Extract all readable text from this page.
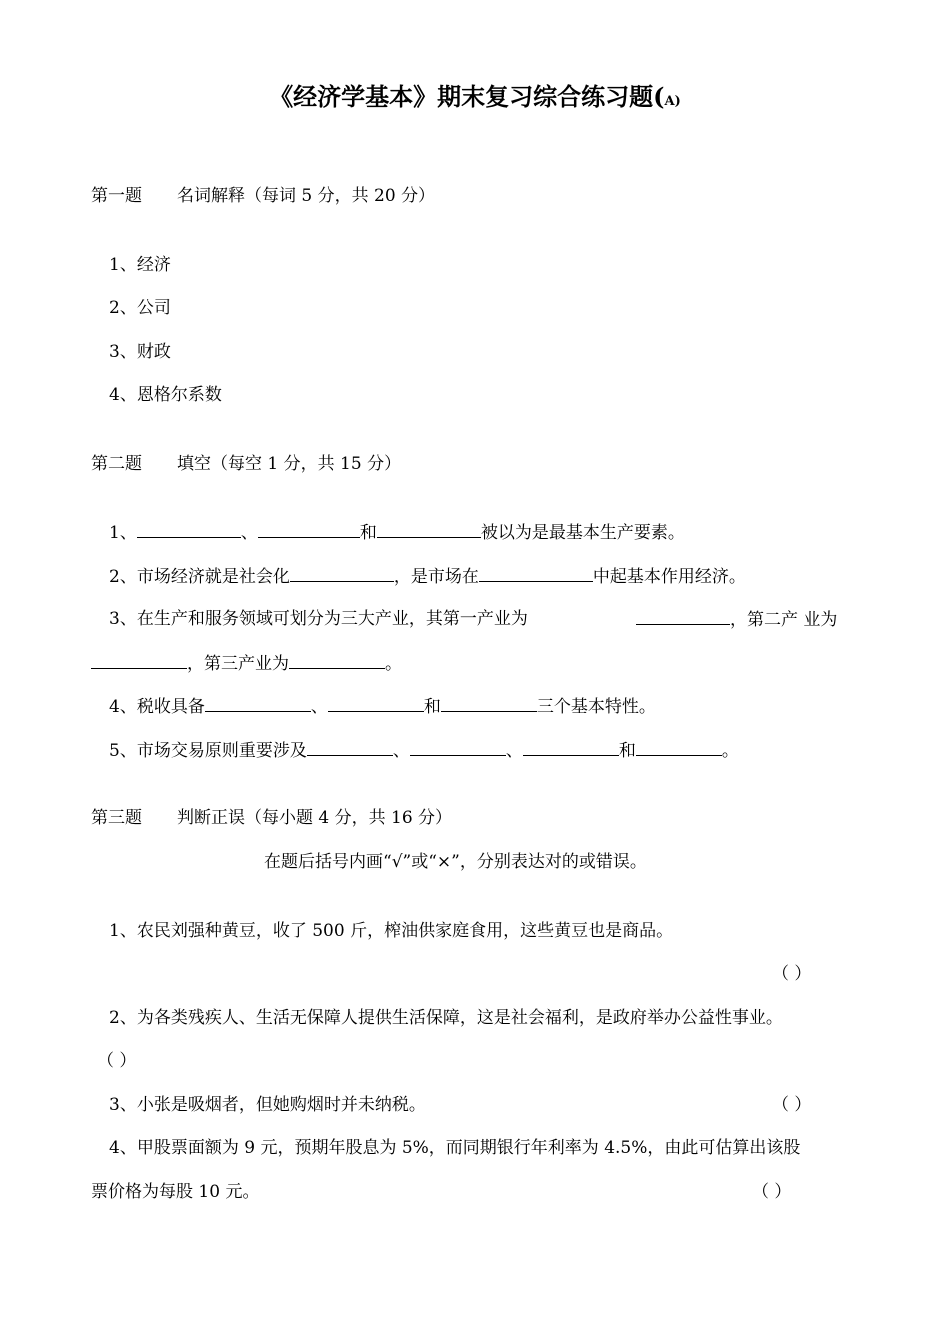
《经济学基本》期末复习综合练习题(A)
第一题 名词解释（每词 5 分，共 20 分）
1、经济
2、公司
3、财政
4、恩格尔系数
第二题 填空（每空 1 分，共 15 分）
1、	、	和	被以为是最基本生产要素。
2、市场经济就是社会化	，是市场在	中起基本作用经济。
3、在生产和服务领域可划分为三大产业，其第一产业为	，第二产 业为
，第三产业为	。
4、税收具备	、	和	三个基本特性。
5、市场交易原则重要涉及	、	、	和	。
第三题 判断正误（每小题 4 分，共 16 分）
在题后括号内画“√”或“×”，分别表达对的或错误。
1、农民刘强种黄豆，收了 500 斤，榨油供家庭食用，这些黄豆也是商品。
（ ）
2、为各类残疾人、生活无保障人提供生活保障，这是社会福利，是政府举办公益性事业。
（ ）
3、小张是吸烟者，但她购烟时并未纳税。	（ ）
4、甲股票面额为 9 元，预期年股息为 5%，而同期银行年利率为 4.5%，由此可估算出该股
票价格为每股 10 元。	（ ）
